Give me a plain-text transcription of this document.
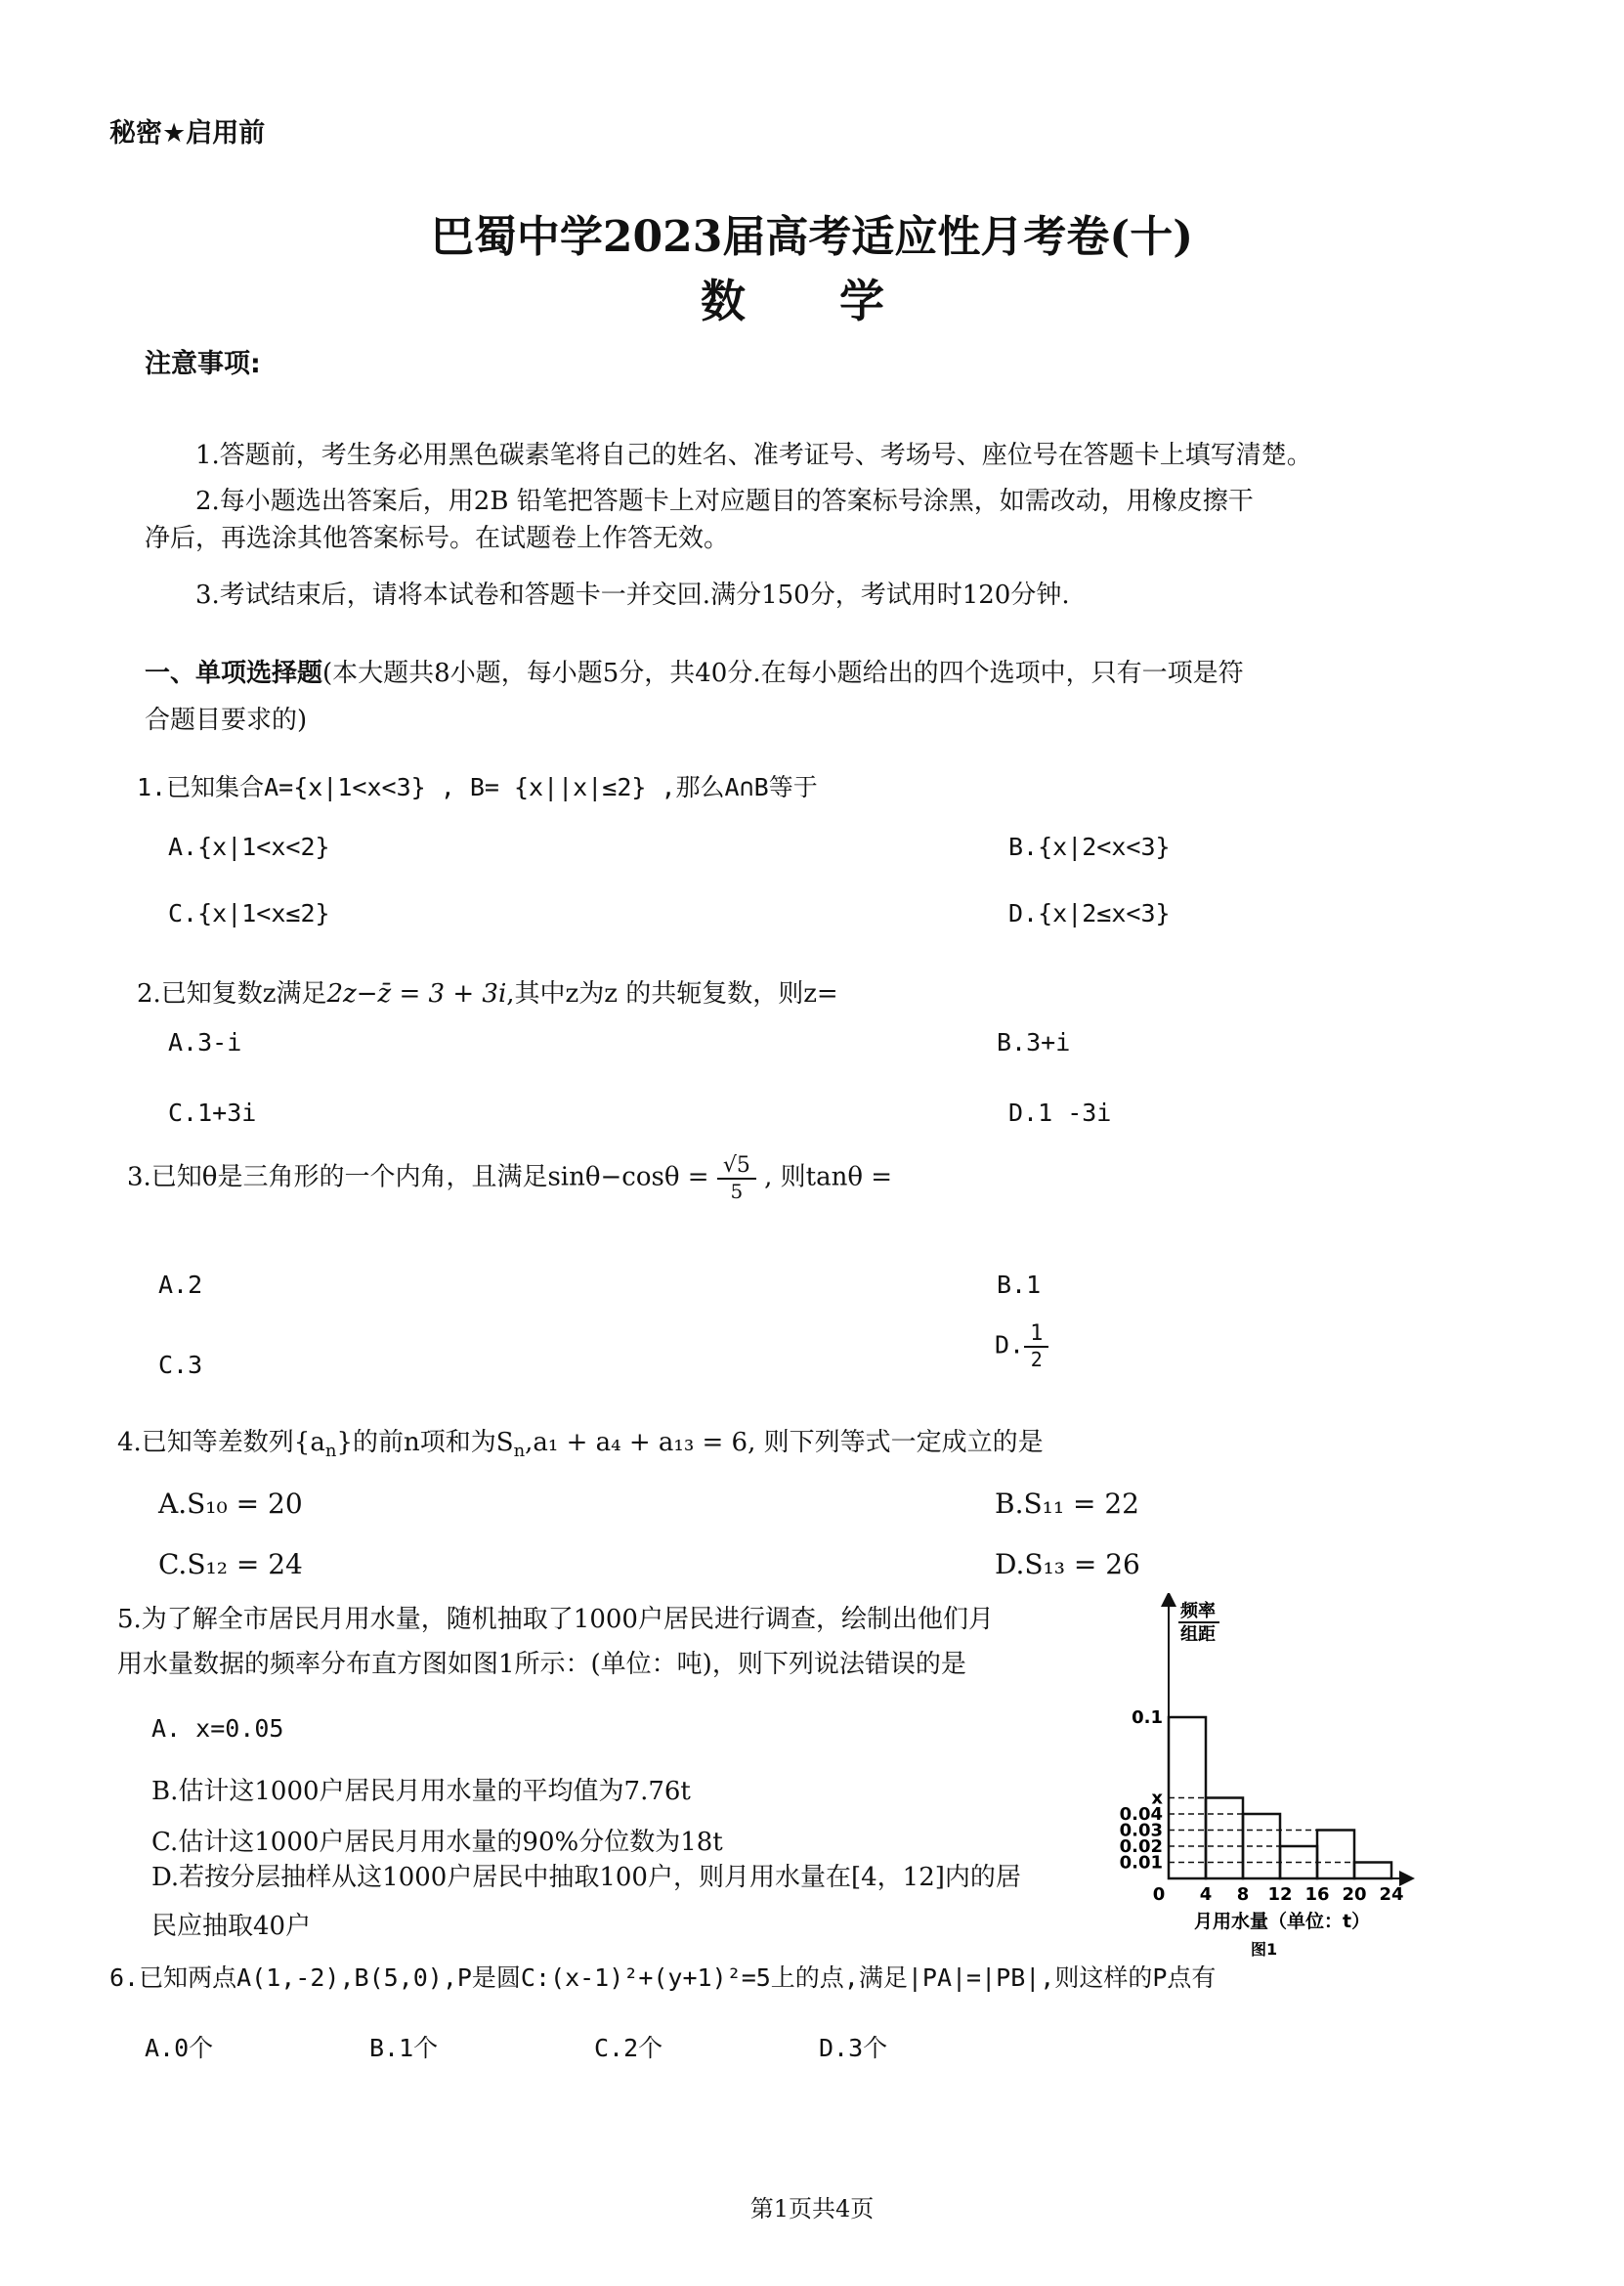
秘密★启用前
巴蜀中学2023届高考适应性月考卷(十)
数 学
注意事项:
1.答题前，考生务必用黑色碳素笔将自己的姓名、准考证号、考场号、座位号在答题卡上填写清楚。
2.每小题选出答案后，用2B 铅笔把答题卡上对应题目的答案标号涂黑，如需改动，用橡皮擦干
净后，再选涂其他答案标号。在试题卷上作答无效。
3.考试结束后，请将本试卷和答题卡一并交回.满分150分，考试用时120分钟.
一、单项选择题(本大题共8小题，每小题5分，共40分.在每小题给出的四个选项中，只有一项是符
合题目要求的)
1.已知集合A={x|1<x<3} , B= {x||x|≤2} ,那么A∩B等于
A.{x|1<x<2}	B.{x|2<x<3}
C.{x|1<x≤2}	D.{x|2≤x<3}
2.已知复数z满足2z−z̄ = 3 + 3i,其中z为z 的共轭复数，则z=
A.3-i	B.3+i
C.1+3i	D.1 -3i
3.已知θ是三角形的一个内角，且满足$\sin\theta-\cos\theta = \frac{√5}{5}$ , 则tanθ =
A.2	B.1
C.3
D. $\frac{1}{2}$
4.已知等差数列$\{a_n\}$的前n项和为$S_n,a_1 + a_4 + a_{13} = 6$, 则下列等式一定成立的是
A.S₁₀ = 20	B.S₁₁ = 22
C.S₁₂ = 24	D.S₁₃ = 26
5.为了解全市居民月用水量，随机抽取了1000户居民进行调查，绘制出他们月
用水量数据的频率分布直方图如图1所示：(单位：吨)，则下列说法错误的是
A. x=0.05
B.估计这1000户居民月用水量的平均值为7.76t
C.估计这1000户居民月用水量的90%分位数为18t
D.若按分层抽样从这1000户居民中抽取100户，则月用水量在[4，12]内的居
民应抽取40户
频率
组距
0.1
x
0.04
0.03
0.02
0.01
0 4 8 12 16 20 24
月用水量（单位：t）
图1
6.已知两点A(1,-2),B(5,0),P是圆C:(x-1)²+(y+1)²=5上的点,满足|PA|=|PB|,则这样的P点有
A.0个	B.1个	C.2个	D.3个
第1页共4页
